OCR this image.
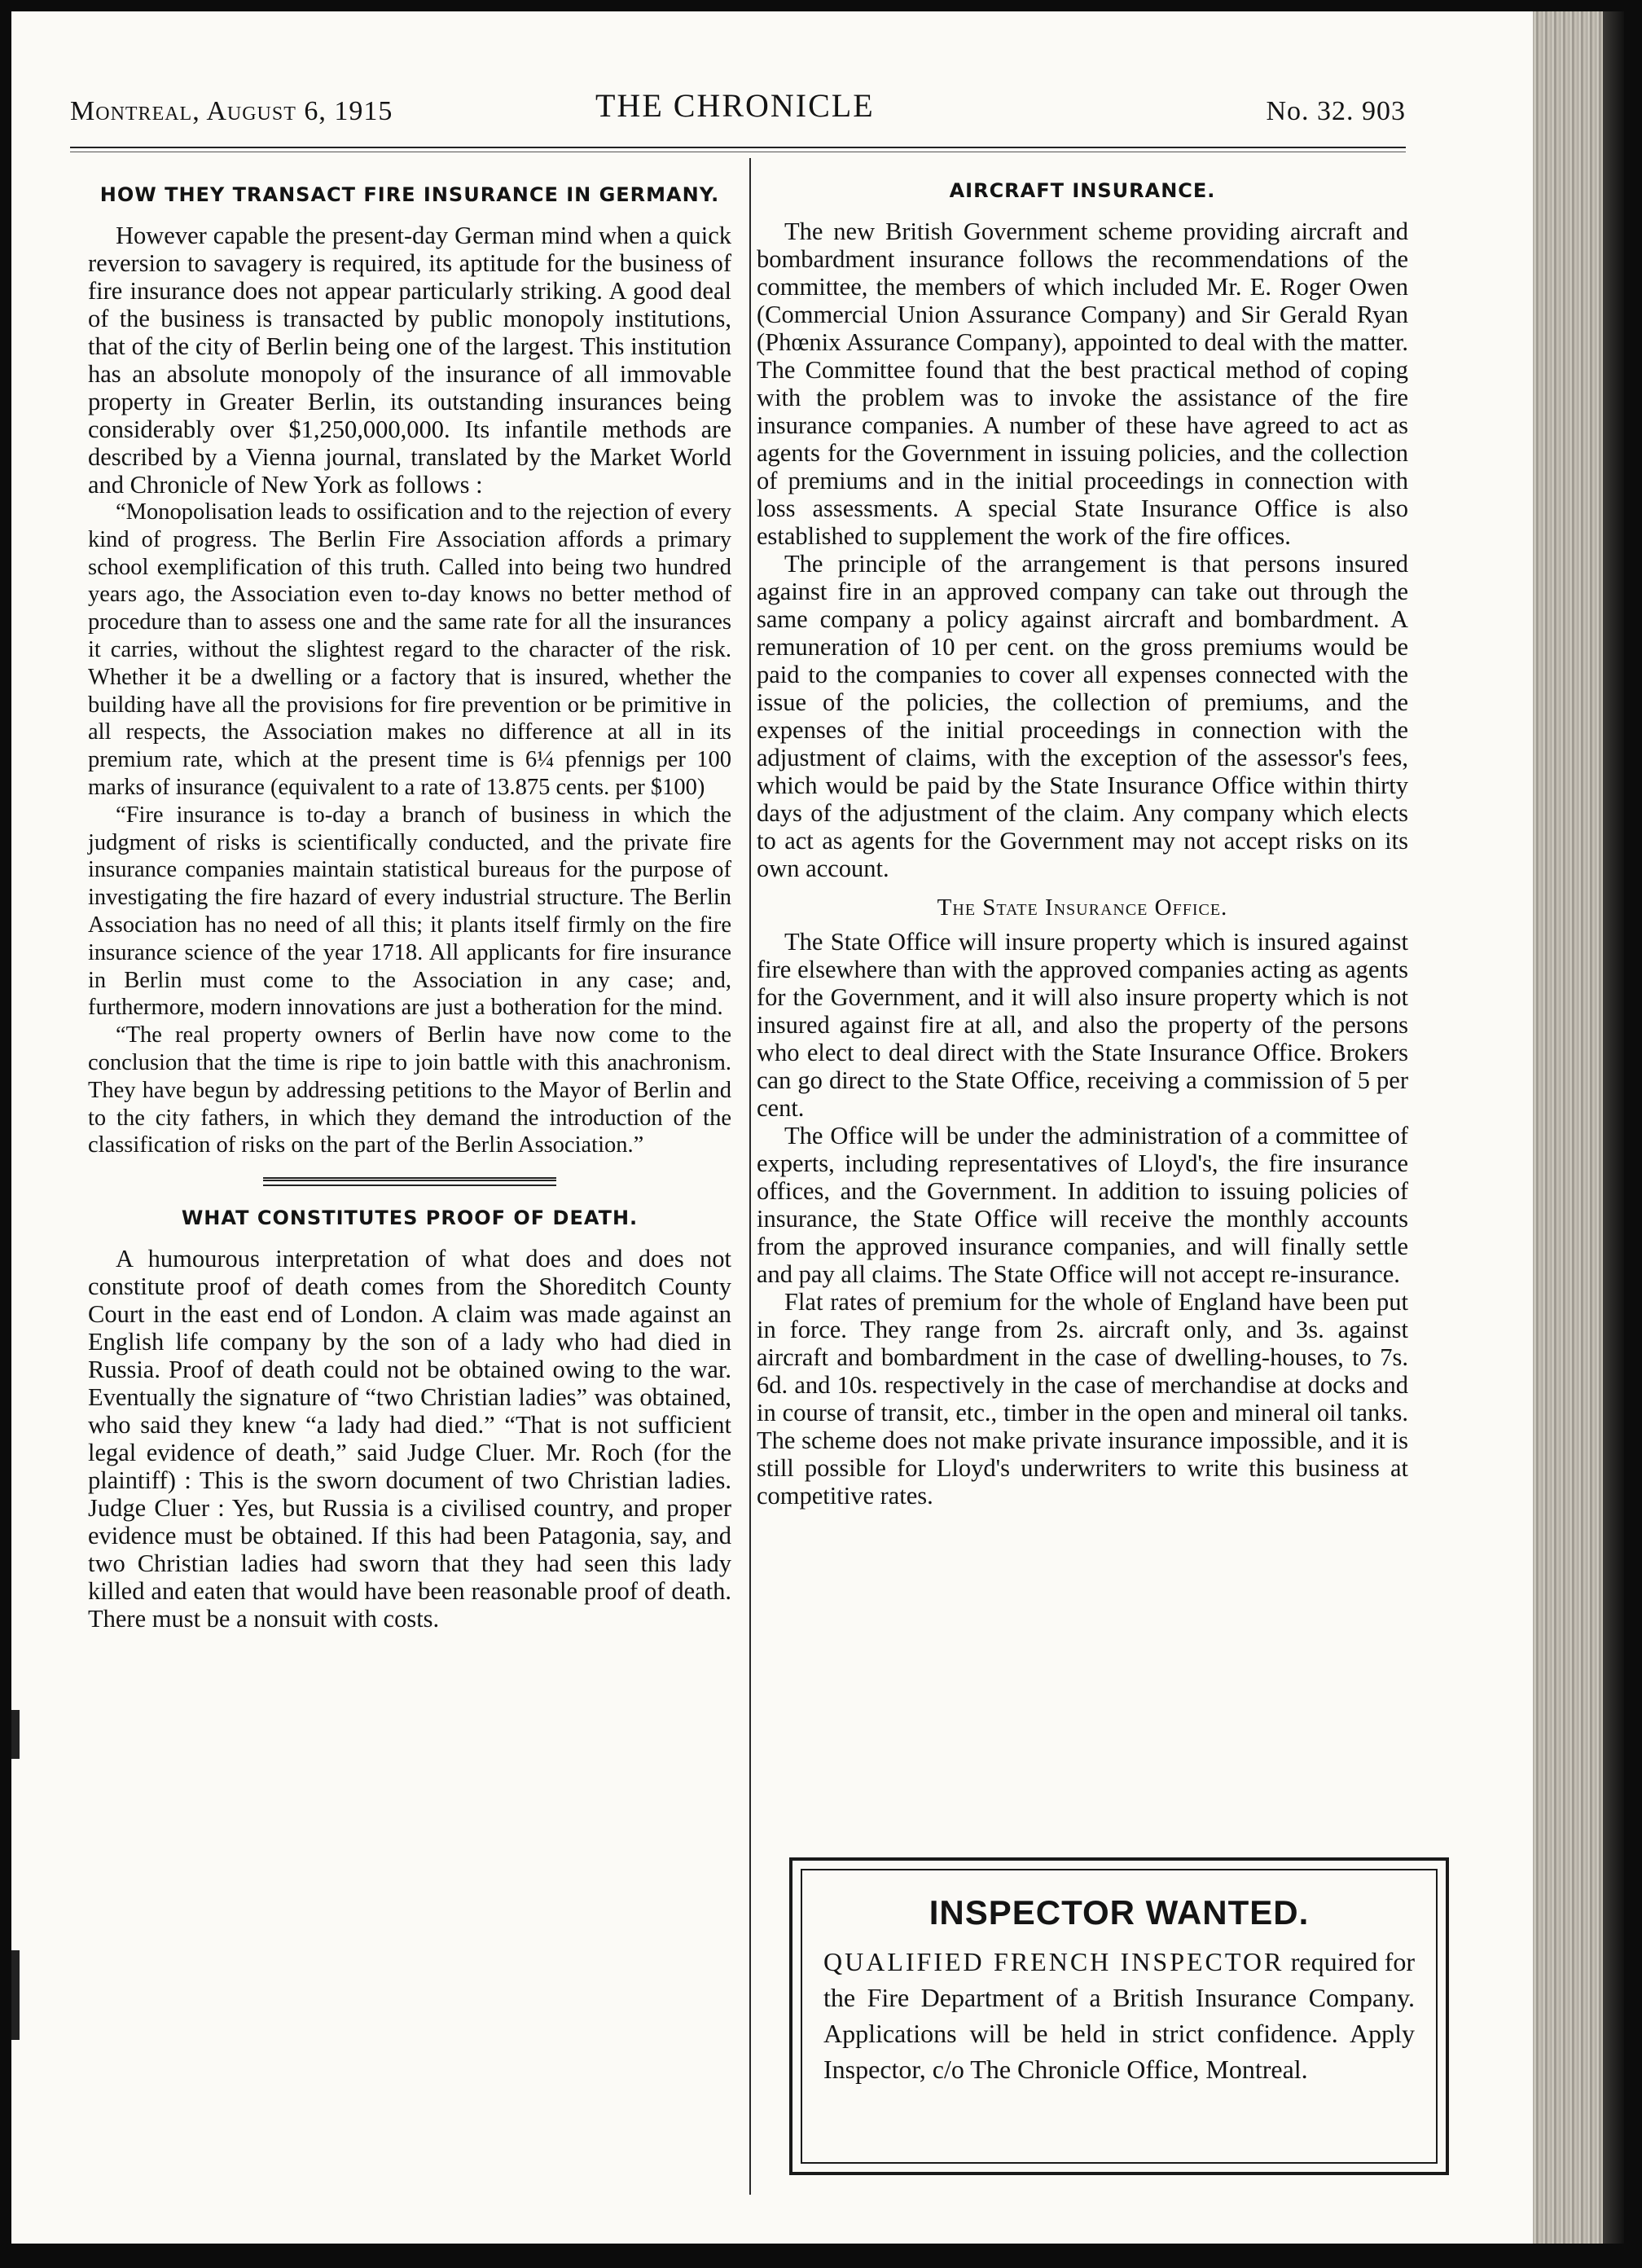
Montreal, August 6, 1915	THE CHRONICLE	No. 32. 903
HOW THEY TRANSACT FIRE INSURANCE IN GERMANY.

However capable the present-day German mind when a quick reversion to savagery is required, its aptitude for the business of fire insurance does not appear particularly striking. A good deal of the business is transacted by public monopoly institutions, that of the city of Berlin being one of the largest. This institution has an absolute monopoly of the insurance of all immovable property in Greater Berlin, its outstanding insurances being considerably over $1,250,000,000. Its infantile methods are described by a Vienna journal, translated by the Market World and Chronicle of New York as follows :

“Monopolisation leads to ossification and to the rejection of every kind of progress. The Berlin Fire Association affords a primary school exemplification of this truth. Called into being two hundred years ago, the Association even to-day knows no better method of procedure than to assess one and the same rate for all the insurances it carries, without the slightest regard to the character of the risk. Whether it be a dwelling or a factory that is insured, whether the building have all the provisions for fire prevention or be primitive in all respects, the Association makes no difference at all in its premium rate, which at the present time is 6¼ pfennigs per 100 marks of insurance (equivalent to a rate of 13.875 cents. per $100)

“Fire insurance is to-day a branch of business in which the judgment of risks is scientifically conducted, and the private fire insurance companies maintain statistical bureaus for the purpose of investigating the fire hazard of every industrial structure. The Berlin Association has no need of all this; it plants itself firmly on the fire insurance science of the year 1718. All applicants for fire insurance in Berlin must come to the Association in any case; and, furthermore, modern innovations are just a botheration for the mind.

“The real property owners of Berlin have now come to the conclusion that the time is ripe to join battle with this anachronism. They have begun by addressing petitions to the Mayor of Berlin and to the city fathers, in which they demand the introduction of the classification of risks on the part of the Berlin Association.”

WHAT CONSTITUTES PROOF OF DEATH.

A humourous interpretation of what does and does not constitute proof of death comes from the Shoreditch County Court in the east end of London. A claim was made against an English life company by the son of a lady who had died in Russia. Proof of death could not be obtained owing to the war. Eventually the signature of “two Christian ladies” was obtained, who said they knew “a lady had died.” “That is not sufficient legal evidence of death,” said Judge Cluer. Mr. Roch (for the plaintiff) : This is the sworn document of two Christian ladies. Judge Cluer : Yes, but Russia is a civilised country, and proper evidence must be obtained. If this had been Patagonia, say, and two Christian ladies had sworn that they had seen this lady killed and eaten that would have been reasonable proof of death. There must be a nonsuit with costs.

AIRCRAFT INSURANCE.

The new British Government scheme providing aircraft and bombardment insurance follows the recommendations of the committee, the members of which included Mr. E. Roger Owen (Commercial Union Assurance Company) and Sir Gerald Ryan (Phœnix Assurance Company), appointed to deal with the matter. The Committee found that the best practical method of coping with the problem was to invoke the assistance of the fire insurance companies. A number of these have agreed to act as agents for the Government in issuing policies, and the collection of premiums and in the initial proceedings in connection with loss assessments. A special State Insurance Office is also established to supplement the work of the fire offices.

The principle of the arrangement is that persons insured against fire in an approved company can take out through the same company a policy against aircraft and bombardment. A remuneration of 10 per cent. on the gross premiums would be paid to the companies to cover all expenses connected with the issue of the policies, the collection of premiums, and the expenses of the initial proceedings in connection with the adjustment of claims, with the exception of the assessor's fees, which would be paid by the State Insurance Office within thirty days of the adjustment of the claim. Any company which elects to act as agents for the Government may not accept risks on its own account.

The State Insurance Office.

The State Office will insure property which is insured against fire elsewhere than with the approved companies acting as agents for the Government, and it will also insure property which is not insured against fire at all, and also the property of the persons who elect to deal direct with the State Insurance Office. Brokers can go direct to the State Office, receiving a commission of 5 per cent.

The Office will be under the administration of a committee of experts, including representatives of Lloyd's, the fire insurance offices, and the Government. In addition to issuing policies of insurance, the State Office will receive the monthly accounts from the approved insurance companies, and will finally settle and pay all claims. The State Office will not accept re-insurance.

Flat rates of premium for the whole of England have been put in force. They range from 2s. aircraft only, and 3s. against aircraft and bombardment in the case of dwelling-houses, to 7s. 6d. and 10s. respectively in the case of merchandise at docks and in course of transit, etc., timber in the open and mineral oil tanks. The scheme does not make private insurance impossible, and it is still possible for Lloyd's underwriters to write this business at competitive rates.

INSPECTOR WANTED.
QUALIFIED FRENCH INSPECTOR required for the Fire Department of a British Insurance Company. Applications will be held in strict confidence. Apply Inspector, c/o The Chronicle Office, Montreal.
